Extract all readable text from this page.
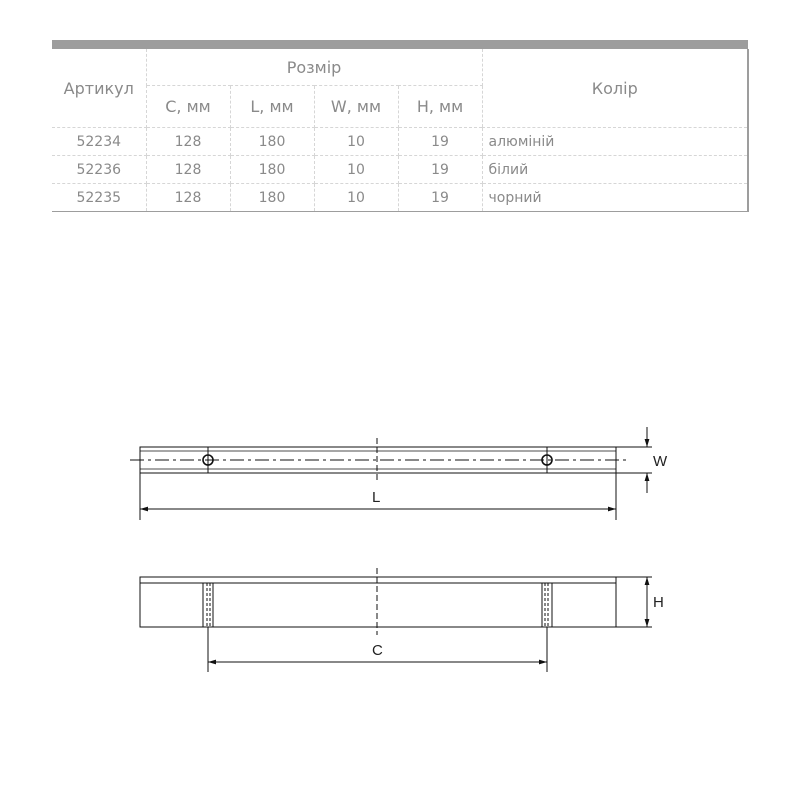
Артикул	Розмір				Колір
	C, мм	L, мм	W, мм	H, мм	
52234	128	180	10	19	алюміній
52236	128	180	10	19	білий
52235	128	180	10	19	чорний
W
L
H
C
